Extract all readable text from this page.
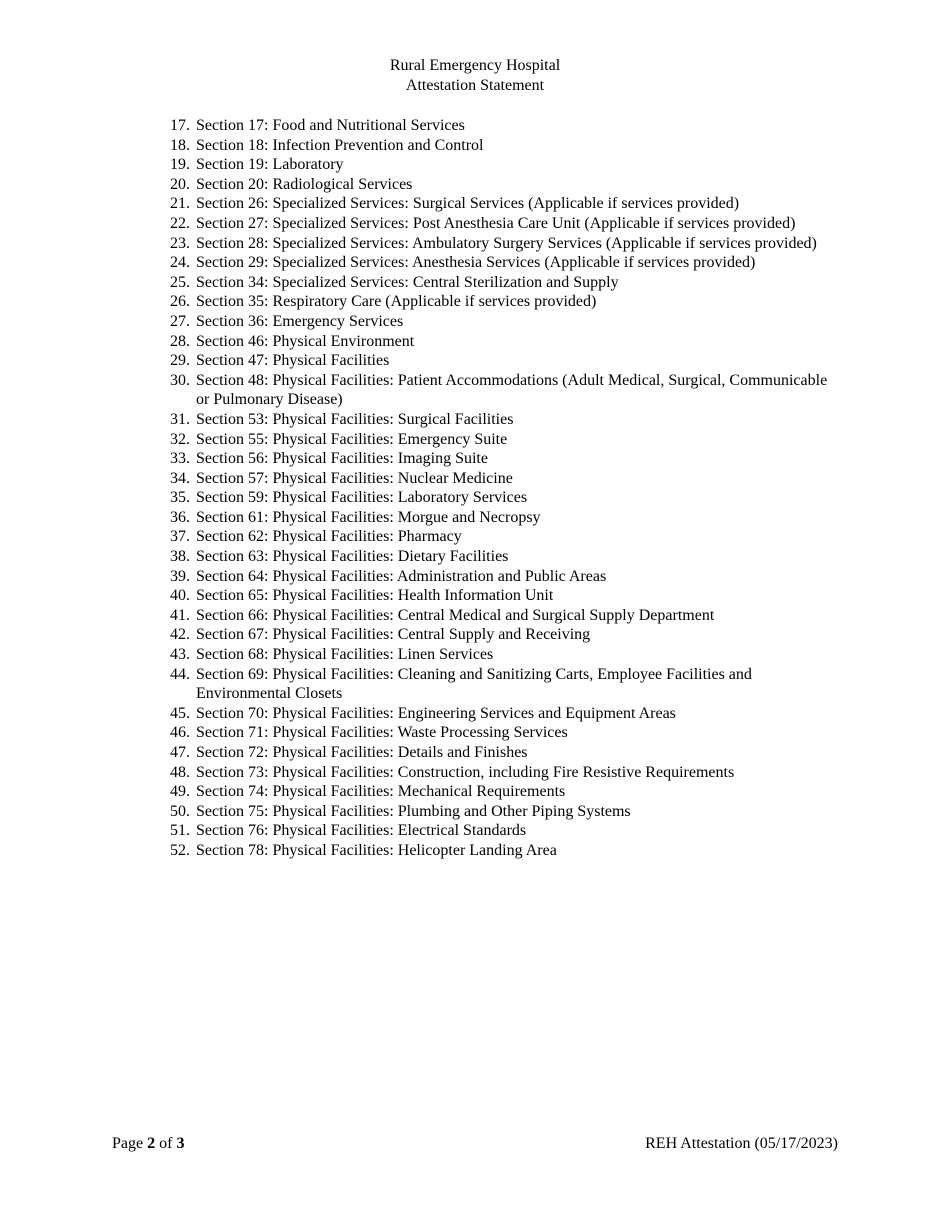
Rural Emergency Hospital
Attestation Statement
17. Section 17: Food and Nutritional Services
18. Section 18: Infection Prevention and Control
19. Section 19: Laboratory
20. Section 20: Radiological Services
21. Section 26: Specialized Services: Surgical Services (Applicable if services provided)
22. Section 27: Specialized Services: Post Anesthesia Care Unit (Applicable if services provided)
23. Section 28: Specialized Services: Ambulatory Surgery Services (Applicable if services provided)
24. Section 29: Specialized Services: Anesthesia Services (Applicable if services provided)
25. Section 34: Specialized Services: Central Sterilization and Supply
26. Section 35: Respiratory Care (Applicable if services provided)
27. Section 36: Emergency Services
28. Section 46: Physical Environment
29. Section 47: Physical Facilities
30. Section 48: Physical Facilities: Patient Accommodations (Adult Medical, Surgical, Communicable or Pulmonary Disease)
31. Section 53: Physical Facilities: Surgical Facilities
32. Section 55: Physical Facilities: Emergency Suite
33. Section 56: Physical Facilities: Imaging Suite
34. Section 57: Physical Facilities: Nuclear Medicine
35. Section 59: Physical Facilities: Laboratory Services
36. Section 61: Physical Facilities: Morgue and Necropsy
37. Section 62: Physical Facilities: Pharmacy
38. Section 63: Physical Facilities: Dietary Facilities
39. Section 64: Physical Facilities: Administration and Public Areas
40. Section 65: Physical Facilities: Health Information Unit
41. Section 66: Physical Facilities: Central Medical and Surgical Supply Department
42. Section 67: Physical Facilities: Central Supply and Receiving
43. Section 68: Physical Facilities: Linen Services
44. Section 69: Physical Facilities: Cleaning and Sanitizing Carts, Employee Facilities and Environmental Closets
45. Section 70: Physical Facilities: Engineering Services and Equipment Areas
46. Section 71: Physical Facilities: Waste Processing Services
47. Section 72: Physical Facilities: Details and Finishes
48. Section 73: Physical Facilities: Construction, including Fire Resistive Requirements
49. Section 74: Physical Facilities: Mechanical Requirements
50. Section 75: Physical Facilities: Plumbing and Other Piping Systems
51. Section 76: Physical Facilities: Electrical Standards
52. Section 78: Physical Facilities: Helicopter Landing Area
Page 2 of 3	REH Attestation (05/17/2023)
